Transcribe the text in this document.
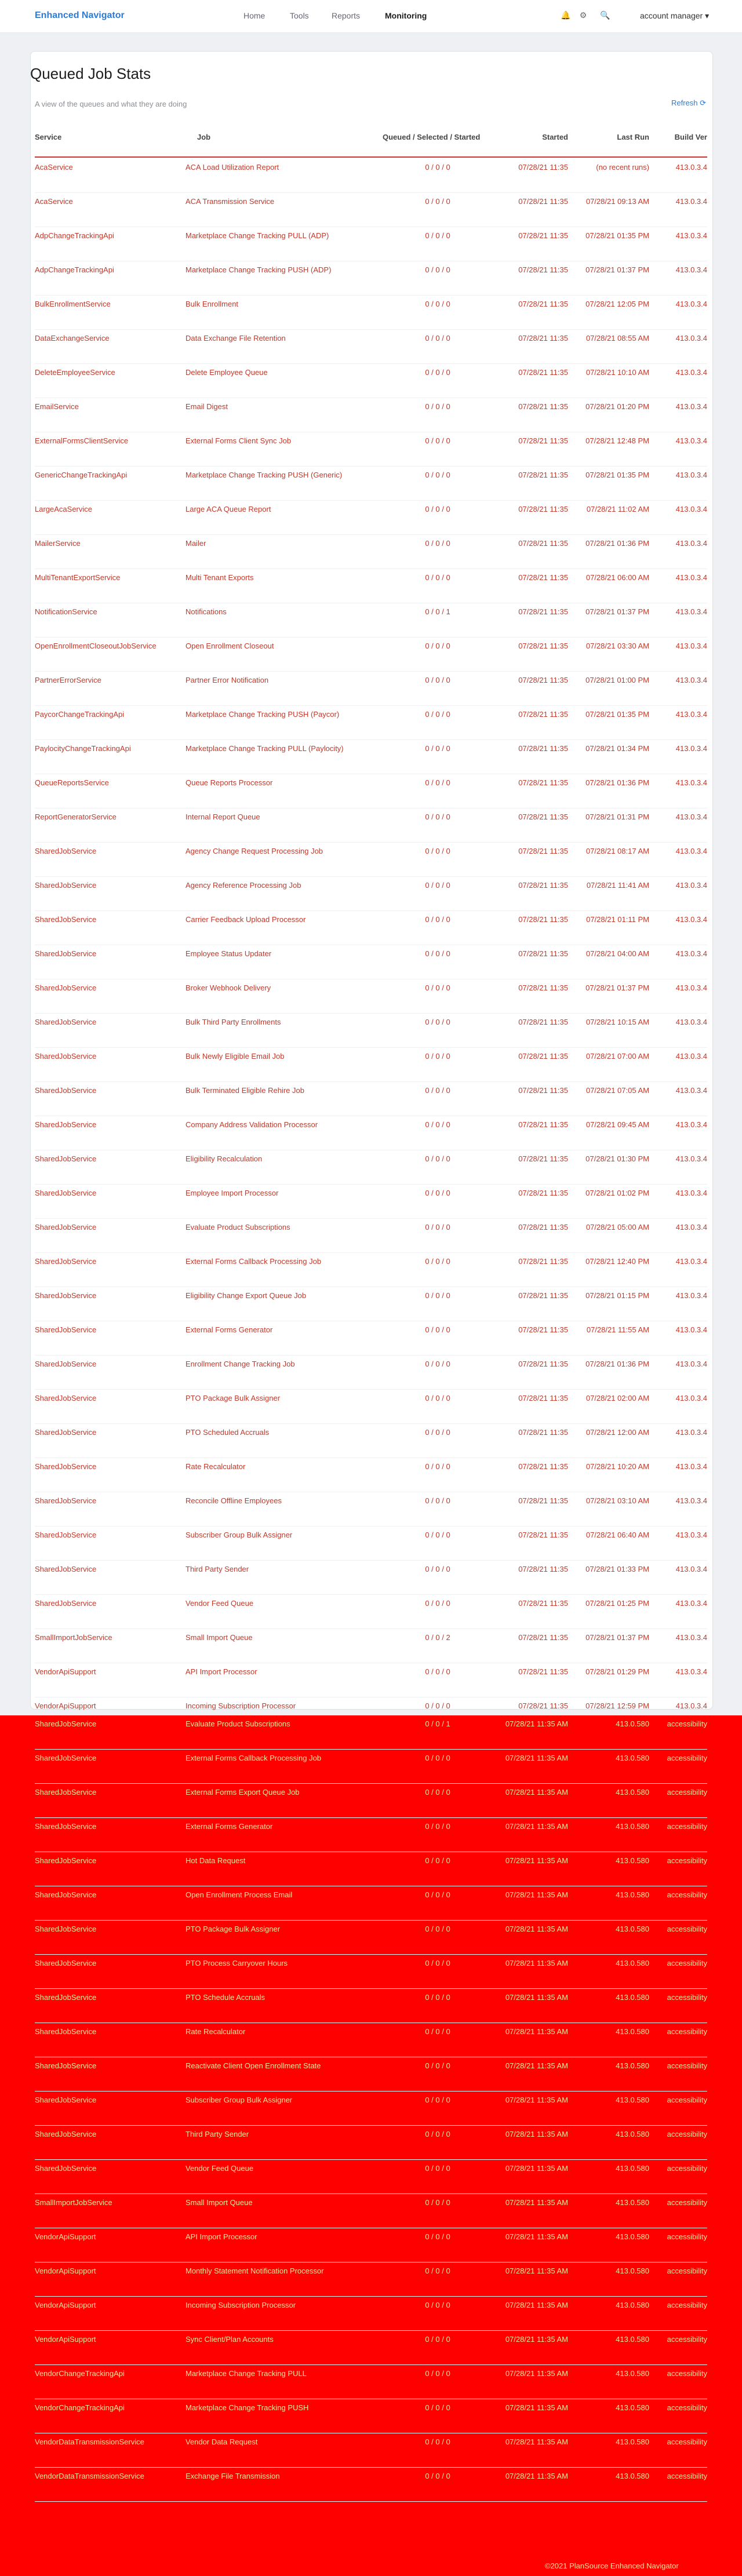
Enhanced Navigator	Home	Tools	Reports	Monitoring	🔔 ⚙ 🔍	account manager ▾
Queued Job Stats
A view of the queues and what they are doing	Refresh ⟳
Service	Job	Queued / Selected / Started	Started	Last Run	Build Ver
AcaService	ACA Load Utilization Report	0 / 0 / 0	07/28/21 11:35	(no recent runs)	413.0.3.4
AcaService	ACA Transmission Service	0 / 0 / 0	07/28/21 11:35	07/28/21 09:13 AM	413.0.3.4
AdpChangeTrackingApi	Marketplace Change Tracking PULL (ADP)	0 / 0 / 0	07/28/21 11:35	07/28/21 01:35 PM	413.0.3.4
AdpChangeTrackingApi	Marketplace Change Tracking PUSH (ADP)	0 / 0 / 0	07/28/21 11:35	07/28/21 01:37 PM	413.0.3.4
BulkEnrollmentService	Bulk Enrollment	0 / 0 / 0	07/28/21 11:35	07/28/21 12:05 PM	413.0.3.4
DataExchangeService	Data Exchange File Retention	0 / 0 / 0	07/28/21 11:35	07/28/21 08:55 AM	413.0.3.4
DeleteEmployeeService	Delete Employee Queue	0 / 0 / 0	07/28/21 11:35	07/28/21 10:10 AM	413.0.3.4
EmailService	Email Digest	0 / 0 / 0	07/28/21 11:35	07/28/21 01:20 PM	413.0.3.4
ExternalFormsClientService	External Forms Client Sync Job	0 / 0 / 0	07/28/21 11:35	07/28/21 12:48 PM	413.0.3.4
GenericChangeTrackingApi	Marketplace Change Tracking PUSH (Generic)	0 / 0 / 0	07/28/21 11:35	07/28/21 01:35 PM	413.0.3.4
LargeAcaService	Large ACA Queue Report	0 / 0 / 0	07/28/21 11:35	07/28/21 11:02 AM	413.0.3.4
MailerService	Mailer	0 / 0 / 0	07/28/21 11:35	07/28/21 01:36 PM	413.0.3.4
MultiTenantExportService	Multi Tenant Exports	0 / 0 / 0	07/28/21 11:35	07/28/21 06:00 AM	413.0.3.4
NotificationService	Notifications	0 / 0 / 1	07/28/21 11:35	07/28/21 01:37 PM	413.0.3.4
OpenEnrollmentCloseoutJobService	Open Enrollment Closeout	0 / 0 / 0	07/28/21 11:35	07/28/21 03:30 AM	413.0.3.4
PartnerErrorService	Partner Error Notification	0 / 0 / 0	07/28/21 11:35	07/28/21 01:00 PM	413.0.3.4
PaycorChangeTrackingApi	Marketplace Change Tracking PUSH (Paycor)	0 / 0 / 0	07/28/21 11:35	07/28/21 01:35 PM	413.0.3.4
PaylocityChangeTrackingApi	Marketplace Change Tracking PULL (Paylocity)	0 / 0 / 0	07/28/21 11:35	07/28/21 01:34 PM	413.0.3.4
QueueReportsService	Queue Reports Processor	0 / 0 / 0	07/28/21 11:35	07/28/21 01:36 PM	413.0.3.4
ReportGeneratorService	Internal Report Queue	0 / 0 / 0	07/28/21 11:35	07/28/21 01:31 PM	413.0.3.4
SharedJobService	Agency Change Request Processing Job	0 / 0 / 0	07/28/21 11:35	07/28/21 08:17 AM	413.0.3.4
SharedJobService	Agency Reference Processing Job	0 / 0 / 0	07/28/21 11:35	07/28/21 11:41 AM	413.0.3.4
SharedJobService	Carrier Feedback Upload Processor	0 / 0 / 0	07/28/21 11:35	07/28/21 01:11 PM	413.0.3.4
SharedJobService	Employee Status Updater	0 / 0 / 0	07/28/21 11:35	07/28/21 04:00 AM	413.0.3.4
SharedJobService	Broker Webhook Delivery	0 / 0 / 0	07/28/21 11:35	07/28/21 01:37 PM	413.0.3.4
SharedJobService	Bulk Third Party Enrollments	0 / 0 / 0	07/28/21 11:35	07/28/21 10:15 AM	413.0.3.4
SharedJobService	Bulk Newly Eligible Email Job	0 / 0 / 0	07/28/21 11:35	07/28/21 07:00 AM	413.0.3.4
SharedJobService	Bulk Terminated Eligible Rehire Job	0 / 0 / 0	07/28/21 11:35	07/28/21 07:05 AM	413.0.3.4
SharedJobService	Company Address Validation Processor	0 / 0 / 0	07/28/21 11:35	07/28/21 09:45 AM	413.0.3.4
SharedJobService	Eligibility Recalculation	0 / 0 / 0	07/28/21 11:35	07/28/21 01:30 PM	413.0.3.4
SharedJobService	Employee Import Processor	0 / 0 / 0	07/28/21 11:35	07/28/21 01:02 PM	413.0.3.4
SharedJobService	Evaluate Product Subscriptions	0 / 0 / 0	07/28/21 11:35	07/28/21 05:00 AM	413.0.3.4
SharedJobService	External Forms Callback Processing Job	0 / 0 / 0	07/28/21 11:35	07/28/21 12:40 PM	413.0.3.4
SharedJobService	Eligibility Change Export Queue Job	0 / 0 / 0	07/28/21 11:35	07/28/21 01:15 PM	413.0.3.4
SharedJobService	External Forms Generator	0 / 0 / 0	07/28/21 11:35	07/28/21 11:55 AM	413.0.3.4
SharedJobService	Enrollment Change Tracking Job	0 / 0 / 0	07/28/21 11:35	07/28/21 01:36 PM	413.0.3.4
SharedJobService	PTO Package Bulk Assigner	0 / 0 / 0	07/28/21 11:35	07/28/21 02:00 AM	413.0.3.4
SharedJobService	PTO Scheduled Accruals	0 / 0 / 0	07/28/21 11:35	07/28/21 12:00 AM	413.0.3.4
SharedJobService	Rate Recalculator	0 / 0 / 0	07/28/21 11:35	07/28/21 10:20 AM	413.0.3.4
SharedJobService	Reconcile Offline Employees	0 / 0 / 0	07/28/21 11:35	07/28/21 03:10 AM	413.0.3.4
SharedJobService	Subscriber Group Bulk Assigner	0 / 0 / 0	07/28/21 11:35	07/28/21 06:40 AM	413.0.3.4
SharedJobService	Third Party Sender	0 / 0 / 0	07/28/21 11:35	07/28/21 01:33 PM	413.0.3.4
SharedJobService	Vendor Feed Queue	0 / 0 / 0	07/28/21 11:35	07/28/21 01:25 PM	413.0.3.4
SmallImportJobService	Small Import Queue	0 / 0 / 2	07/28/21 11:35	07/28/21 01:37 PM	413.0.3.4
VendorApiSupport	API Import Processor	0 / 0 / 0	07/28/21 11:35	07/28/21 01:29 PM	413.0.3.4
VendorApiSupport	Incoming Subscription Processor	0 / 0 / 0	07/28/21 11:35	07/28/21 12:59 PM	413.0.3.4
SharedJobService	Evaluate Product Subscriptions	0 / 0 / 1	07/28/21 11:35 AM	413.0.580	accessibility
SharedJobService	External Forms Callback Processing Job	0 / 0 / 0	07/28/21 11:35 AM	413.0.580	accessibility
SharedJobService	External Forms Export Queue Job	0 / 0 / 0	07/28/21 11:35 AM	413.0.580	accessibility
SharedJobService	External Forms Generator	0 / 0 / 0	07/28/21 11:35 AM	413.0.580	accessibility
SharedJobService	Hot Data Request	0 / 0 / 0	07/28/21 11:35 AM	413.0.580	accessibility
SharedJobService	Open Enrollment Process Email	0 / 0 / 0	07/28/21 11:35 AM	413.0.580	accessibility
SharedJobService	PTO Package Bulk Assigner	0 / 0 / 0	07/28/21 11:35 AM	413.0.580	accessibility
SharedJobService	PTO Process Carryover Hours	0 / 0 / 0	07/28/21 11:35 AM	413.0.580	accessibility
SharedJobService	PTO Schedule Accruals	0 / 0 / 0	07/28/21 11:35 AM	413.0.580	accessibility
SharedJobService	Rate Recalculator	0 / 0 / 0	07/28/21 11:35 AM	413.0.580	accessibility
SharedJobService	Reactivate Client Open Enrollment State	0 / 0 / 0	07/28/21 11:35 AM	413.0.580	accessibility
SharedJobService	Subscriber Group Bulk Assigner	0 / 0 / 0	07/28/21 11:35 AM	413.0.580	accessibility
SharedJobService	Third Party Sender	0 / 0 / 0	07/28/21 11:35 AM	413.0.580	accessibility
SharedJobService	Vendor Feed Queue	0 / 0 / 0	07/28/21 11:35 AM	413.0.580	accessibility
SmallImportJobService	Small Import Queue	0 / 0 / 0	07/28/21 11:35 AM	413.0.580	accessibility
VendorApiSupport	API Import Processor	0 / 0 / 0	07/28/21 11:35 AM	413.0.580	accessibility
VendorApiSupport	Monthly Statement Notification Processor	0 / 0 / 0	07/28/21 11:35 AM	413.0.580	accessibility
VendorApiSupport	Incoming Subscription Processor	0 / 0 / 0	07/28/21 11:35 AM	413.0.580	accessibility
VendorApiSupport	Sync Client/Plan Accounts	0 / 0 / 0	07/28/21 11:35 AM	413.0.580	accessibility
VendorChangeTrackingApi	Marketplace Change Tracking PULL	0 / 0 / 0	07/28/21 11:35 AM	413.0.580	accessibility
VendorChangeTrackingApi	Marketplace Change Tracking PUSH	0 / 0 / 0	07/28/21 11:35 AM	413.0.580	accessibility
VendorDataTransmissionService	Vendor Data Request	0 / 0 / 0	07/28/21 11:35 AM	413.0.580	accessibility
VendorDataTransmissionService	Exchange File Transmission	0 / 0 / 0	07/28/21 11:35 AM	413.0.580	accessibility
©2021 PlanSource Enhanced Navigator
